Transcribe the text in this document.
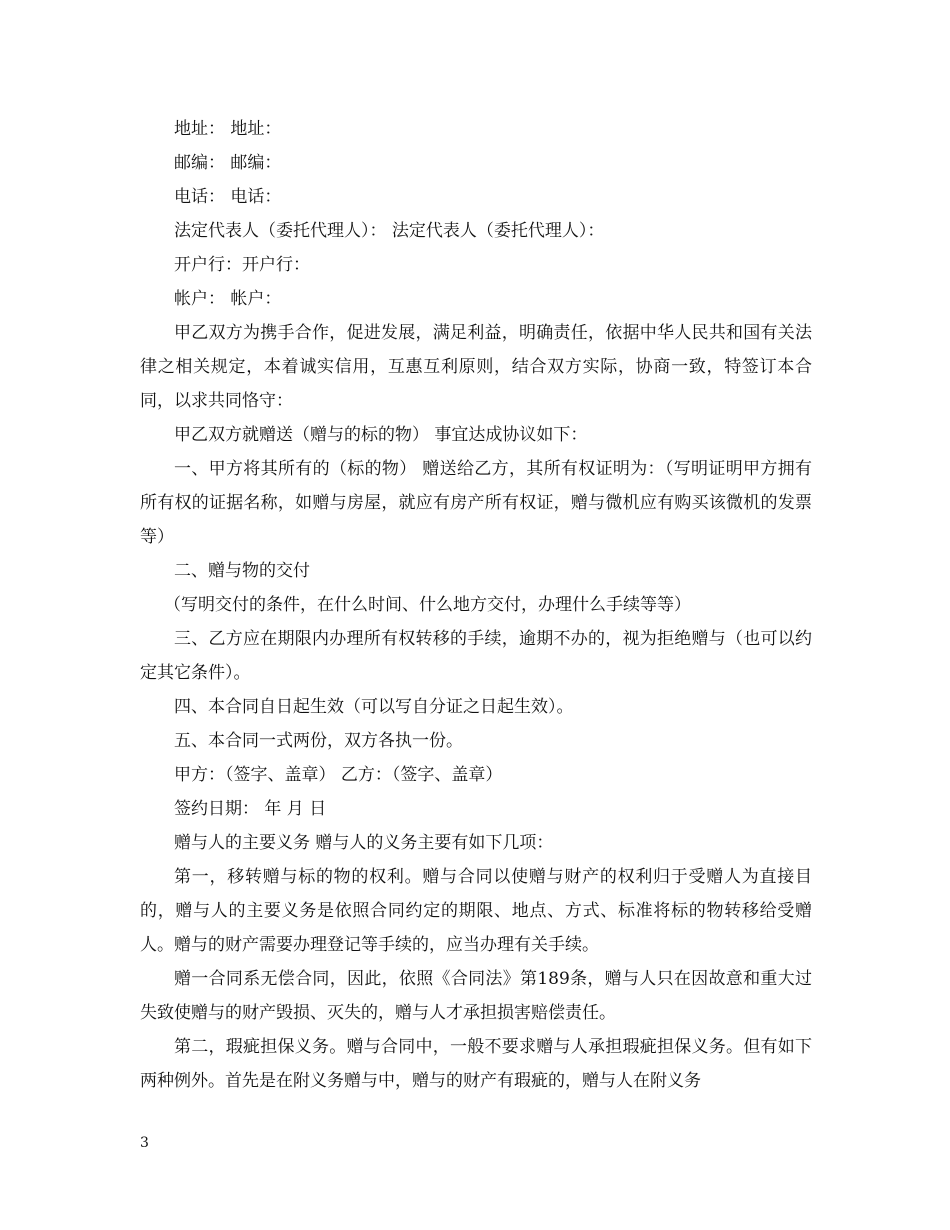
地址： 地址：

邮编： 邮编：

电话： 电话：

法定代表人（委托代理人）： 法定代表人（委托代理人）：

开户行：开户行：

帐户： 帐户：

甲乙双方为携手合作，促进发展，满足利益，明确责任，依据中华人民共和国有关法律之相关规定，本着诚实信用，互惠互利原则，结合双方实际，协商一致，特签订本合同，以求共同恪守：

甲乙双方就赠送（赠与的标的物） 事宜达成协议如下：

一、甲方将其所有的（标的物） 赠送给乙方，其所有权证明为：（写明证明甲方拥有所有权的证据名称，如赠与房屋，就应有房产所有权证，赠与微机应有购买该微机的发票等）

二、赠与物的交付

（写明交付的条件，在什么时间、什么地方交付，办理什么手续等等）

三、乙方应在期限内办理所有权转移的手续，逾期不办的，视为拒绝赠与（也可以约定其它条件）。

四、本合同自日起生效（可以写自分证之日起生效）。

五、本合同一式两份，双方各执一份。

甲方：（签字、盖章） 乙方：（签字、盖章）

签约日期： 年 月 日

赠与人的主要义务 赠与人的义务主要有如下几项：

第一，移转赠与标的物的权利。赠与合同以使赠与财产的权利归于受赠人为直接目的，赠与人的主要义务是依照合同约定的期限、地点、方式、标准将标的物转移给受赠人。赠与的财产需要办理登记等手续的，应当办理有关手续。

赠一合同系无偿合同，因此，依照《合同法》第189条，赠与人只在因故意和重大过失致使赠与的财产毁损、灭失的，赠与人才承担损害赔偿责任。

第二，瑕疵担保义务。赠与合同中，一般不要求赠与人承担瑕疵担保义务。但有如下两种例外。首先是在附义务赠与中，赠与的财产有瑕疵的，赠与人在附义务

3
